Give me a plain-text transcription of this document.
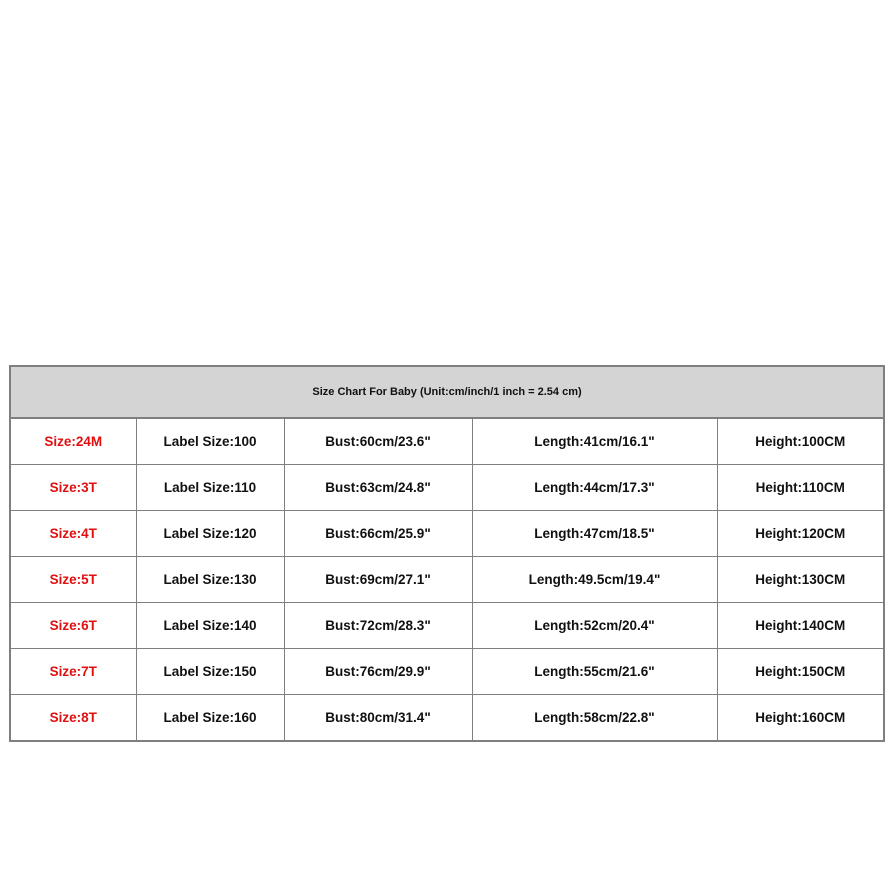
Size Chart For Baby (Unit:cm/inch/1 inch = 2.54 cm)				
Size:24M	Label Size:100	Bust:60cm/23.6"	Length:41cm/16.1"	Height:100CM
Size:3T	Label Size:110	Bust:63cm/24.8"	Length:44cm/17.3"	Height:110CM
Size:4T	Label Size:120	Bust:66cm/25.9"	Length:47cm/18.5"	Height:120CM
Size:5T	Label Size:130	Bust:69cm/27.1"	Length:49.5cm/19.4"	Height:130CM
Size:6T	Label Size:140	Bust:72cm/28.3"	Length:52cm/20.4"	Height:140CM
Size:7T	Label Size:150	Bust:76cm/29.9"	Length:55cm/21.6"	Height:150CM
Size:8T	Label Size:160	Bust:80cm/31.4"	Length:58cm/22.8"	Height:160CM
